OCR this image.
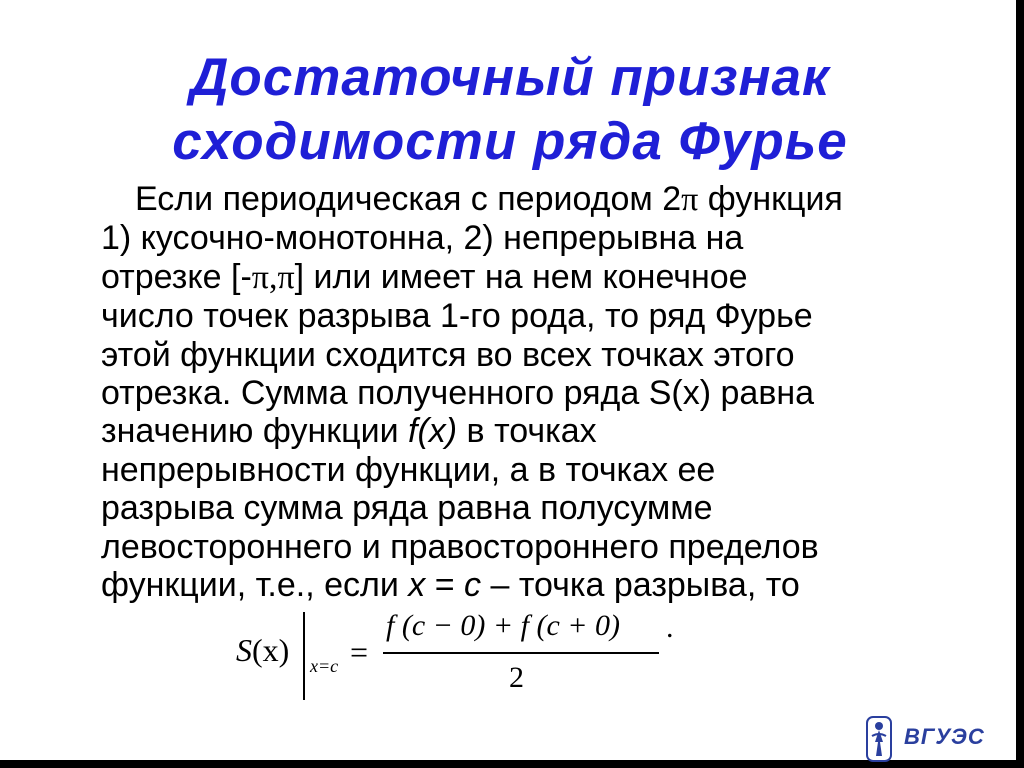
Достаточный признак
сходимости ряда Фурье
Если периодическая с периодом 2π функция
1) кусочно-монотонна, 2) непрерывна на
отрезке [-π,π] или имеет на нем конечное
число точек разрыва 1-го рода, то ряд Фурье
этой функции сходится во всех точках этого
отрезка. Сумма полученного ряда S(x) равна
значению функции f(x) в точках
непрерывности функции, а в точках ее
разрыва сумма ряда равна полусумме
левостороннего и правостороннего пределов
функции, т.е., если x = c – точка разрыва, то
S(x) x=c =
f (c − 0) + f (c + 0)
2
.
ВГУЭС
